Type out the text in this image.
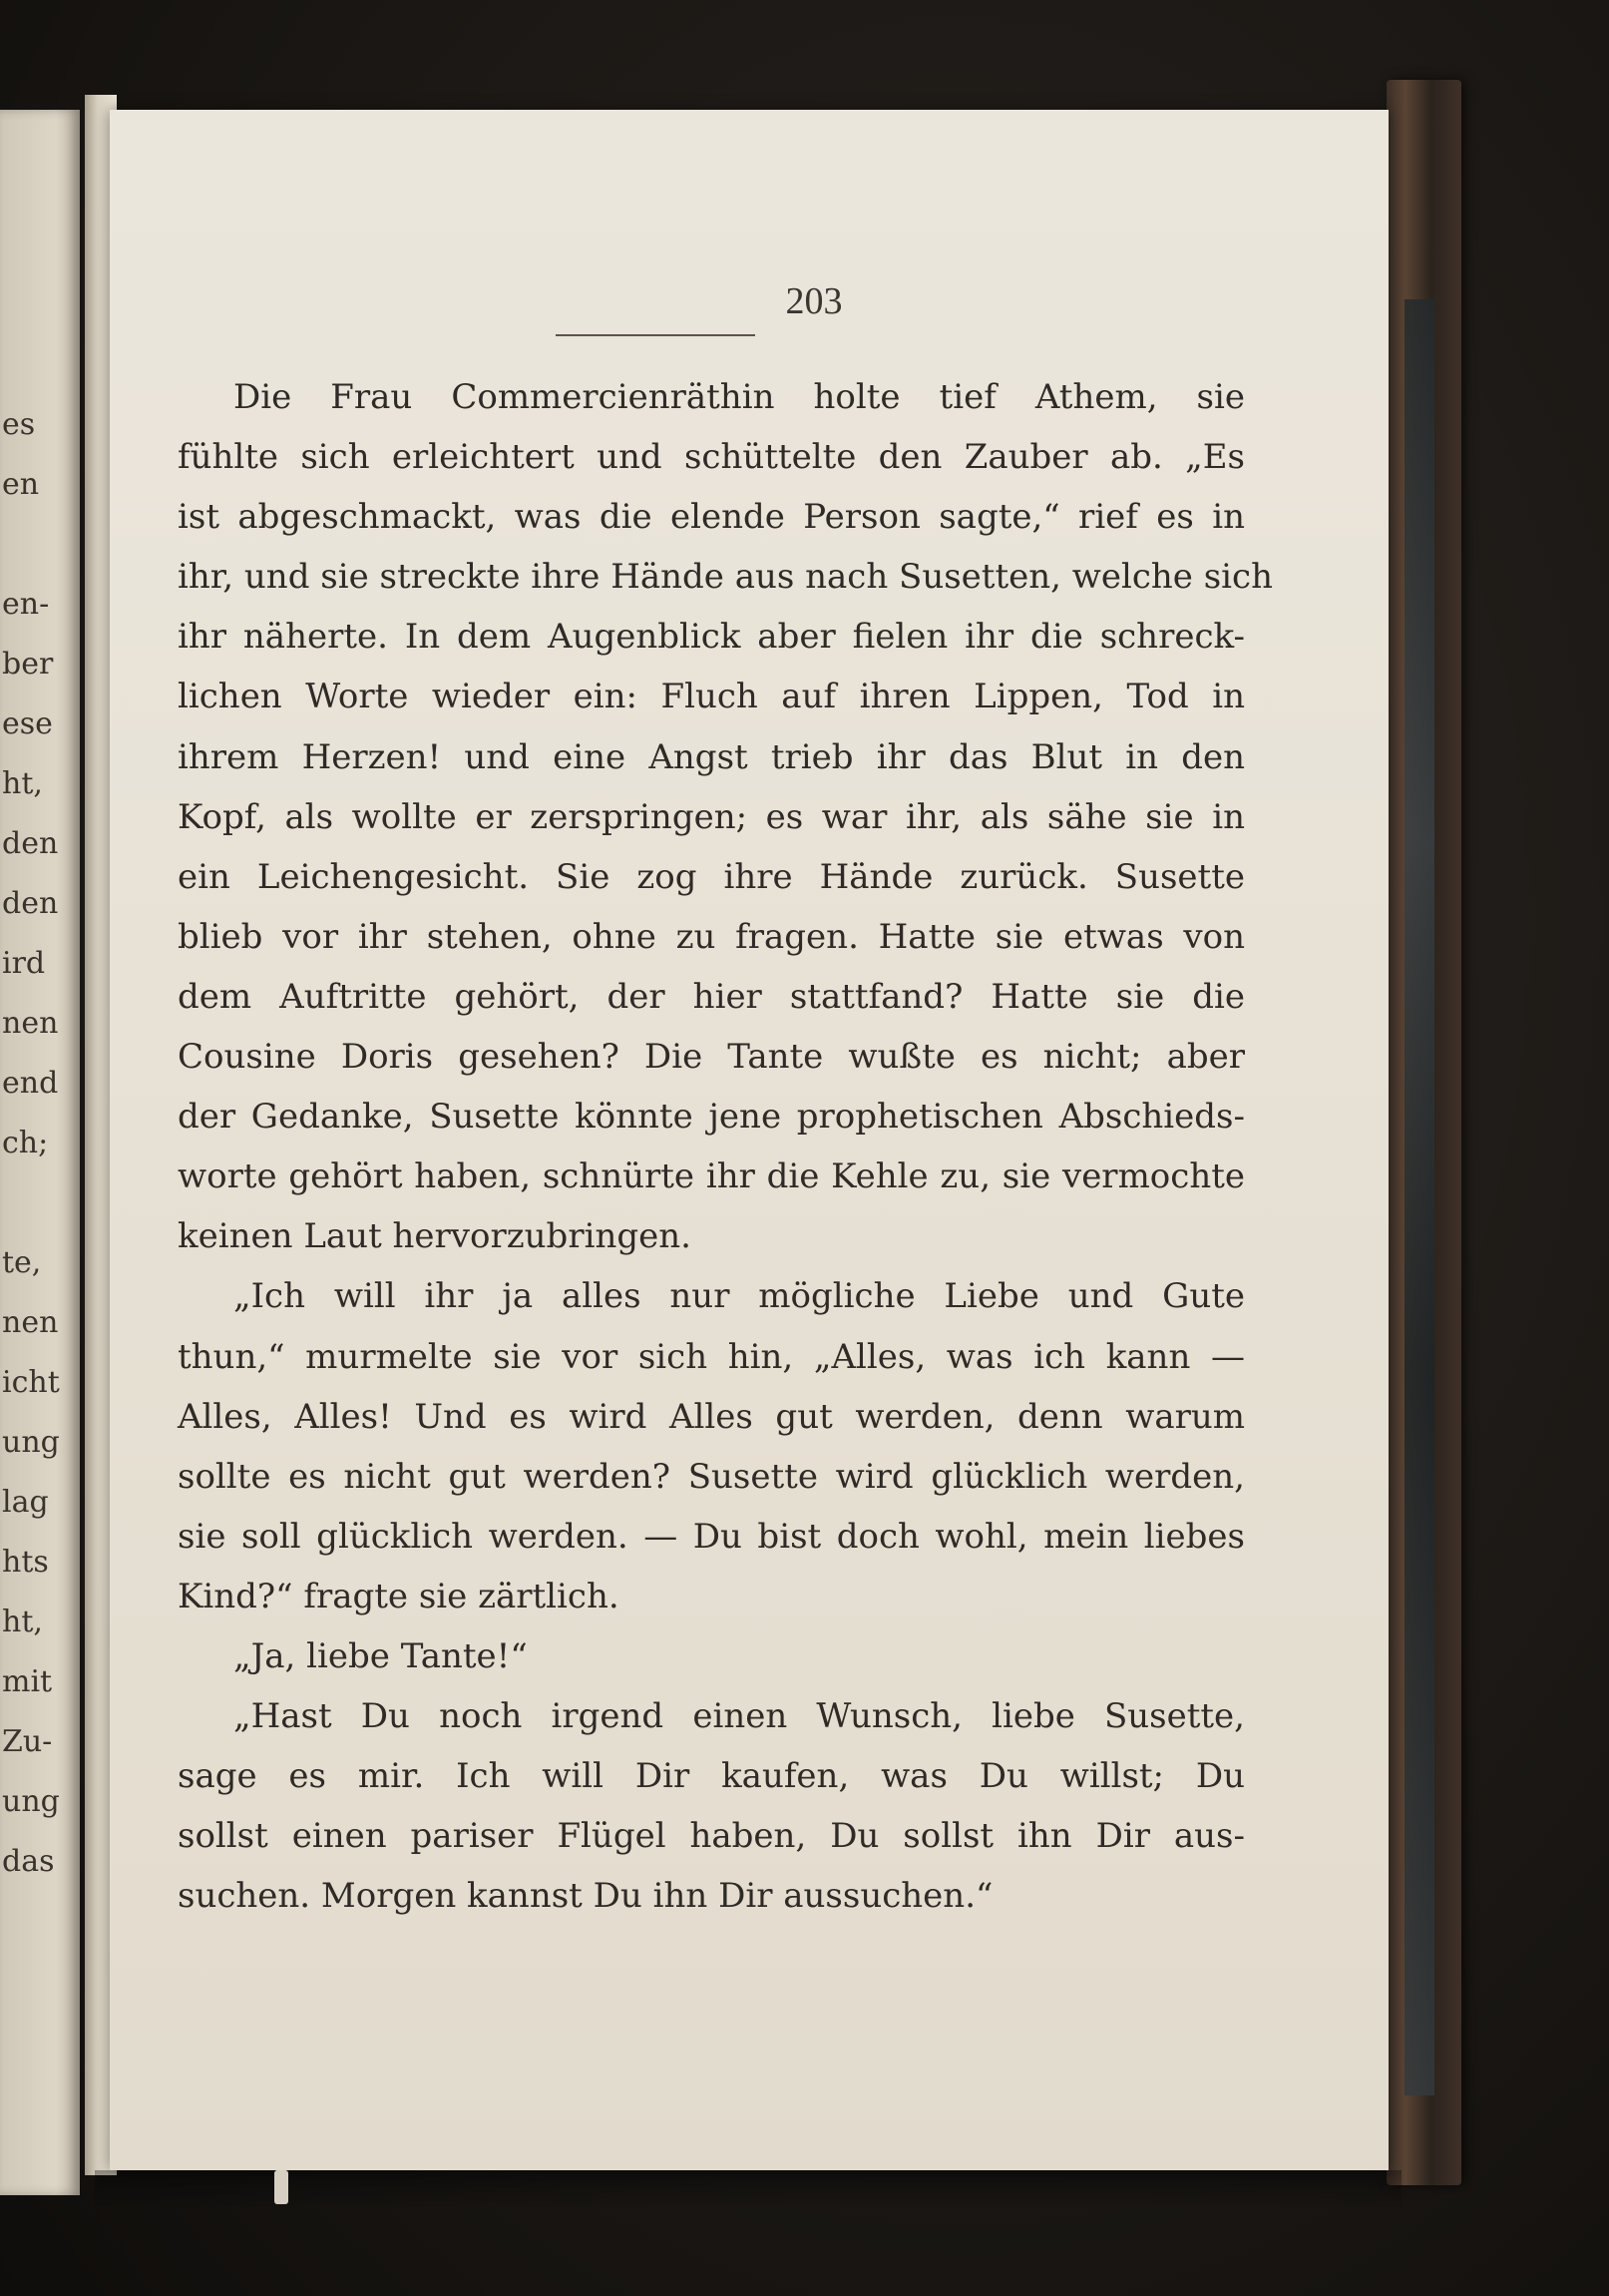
es
en
en-
ber
ese
ht,
den
den
ird
nen
end
ch;
te,
nen
icht
ung
lag
hts
ht,
mit
Zu-
ung
das
203
Die Frau Commercienräthin holte tief Athem, sie
fühlte sich erleichtert und schüttelte den Zauber ab. „Es
ist abgeschmackt, was die elende Person sagte,“ rief es in
ihr, und sie streckte ihre Hände aus nach Susetten, welche sich
ihr näherte. In dem Augenblick aber fielen ihr die schreck-
lichen Worte wieder ein: Fluch auf ihren Lippen, Tod in
ihrem Herzen! und eine Angst trieb ihr das Blut in den
Kopf, als wollte er zerspringen; es war ihr, als sähe sie in
ein Leichengesicht. Sie zog ihre Hände zurück. Susette
blieb vor ihr stehen, ohne zu fragen. Hatte sie etwas von
dem Auftritte gehört, der hier stattfand? Hatte sie die
Cousine Doris gesehen? Die Tante wußte es nicht; aber
der Gedanke, Susette könnte jene prophetischen Abschieds-
worte gehört haben, schnürte ihr die Kehle zu, sie vermochte
keinen Laut hervorzubringen.
„Ich will ihr ja alles nur mögliche Liebe und Gute
thun,“ murmelte sie vor sich hin, „Alles, was ich kann —
Alles, Alles! Und es wird Alles gut werden, denn warum
sollte es nicht gut werden? Susette wird glücklich werden,
sie soll glücklich werden. — Du bist doch wohl, mein liebes
Kind?“ fragte sie zärtlich.
„Ja, liebe Tante!“
„Hast Du noch irgend einen Wunsch, liebe Susette,
sage es mir. Ich will Dir kaufen, was Du willst; Du
sollst einen pariser Flügel haben, Du sollst ihn Dir aus-
suchen. Morgen kannst Du ihn Dir aussuchen.“
